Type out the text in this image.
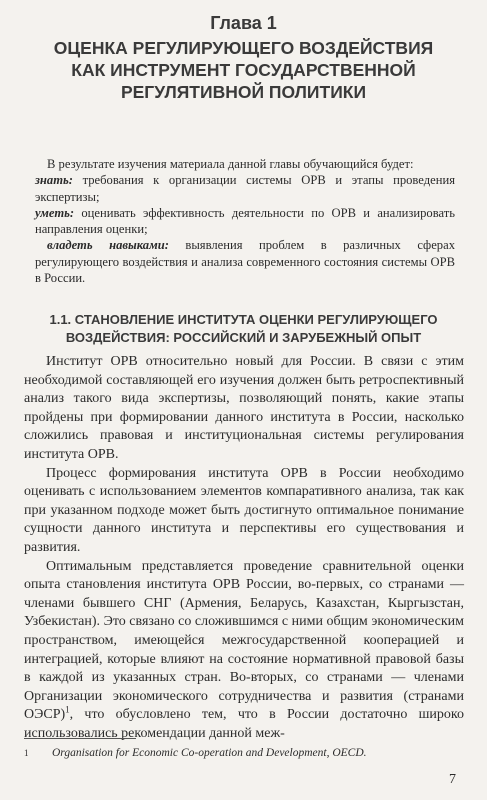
Глава 1
ОЦЕНКА РЕГУЛИРУЮЩЕГО ВОЗДЕЙСТВИЯ
КАК ИНСТРУМЕНТ ГОСУДАРСТВЕННОЙ
РЕГУЛЯТИВНОЙ ПОЛИТИКИ

В результате изучения материала данной главы обучающийся будет:

знать: требования к организации системы ОРВ и этапы проведения экспертизы;

уметь: оценивать эффективность деятельности по ОРВ и анализировать направления оценки;

владеть навыками: выявления проблем в различных сферах регулирующего воздействия и анализа современного состояния системы ОРВ в России.

1.1. СТАНОВЛЕНИЕ ИНСТИТУТА ОЦЕНКИ РЕГУЛИРУЮЩЕГО
ВОЗДЕЙСТВИЯ: РОССИЙСКИЙ И ЗАРУБЕЖНЫЙ ОПЫТ

Институт ОРВ относительно новый для России. В связи с этим необходимой составляющей его изучения должен быть ретроспективный анализ такого вида экспертизы, позволяющий понять, какие этапы пройдены при формировании данного института в России, насколько сложились правовая и институциональная системы регулирования института ОРВ.

Процесс формирования института ОРВ в России необходимо оценивать с использованием элементов компаративного анализа, так как при указанном подходе может быть достигнуто оптимальное понимание сущности данного института и перспективы его существования и развития.

Оптимальным представляется проведение сравнительной оценки опыта становления института ОРВ России, во-первых, со странами — членами бывшего СНГ (Армения, Беларусь, Казахстан, Кыргызстан, Узбекистан). Это связано со сложившимся с ними общим экономическим пространством, имеющейся межгосударственной кооперацией и интеграцией, которые влияют на состояние нормативной правовой базы в каждой из указанных стран. Во-вторых, со странами — членами Организации экономического сотрудничества и развития (странами ОЭСР)$^1$, что обусловлено тем, что в России достаточно широко использовались рекомендации данной меж-

1 Organisation for Economic Co-operation and Development, OECD.
7
